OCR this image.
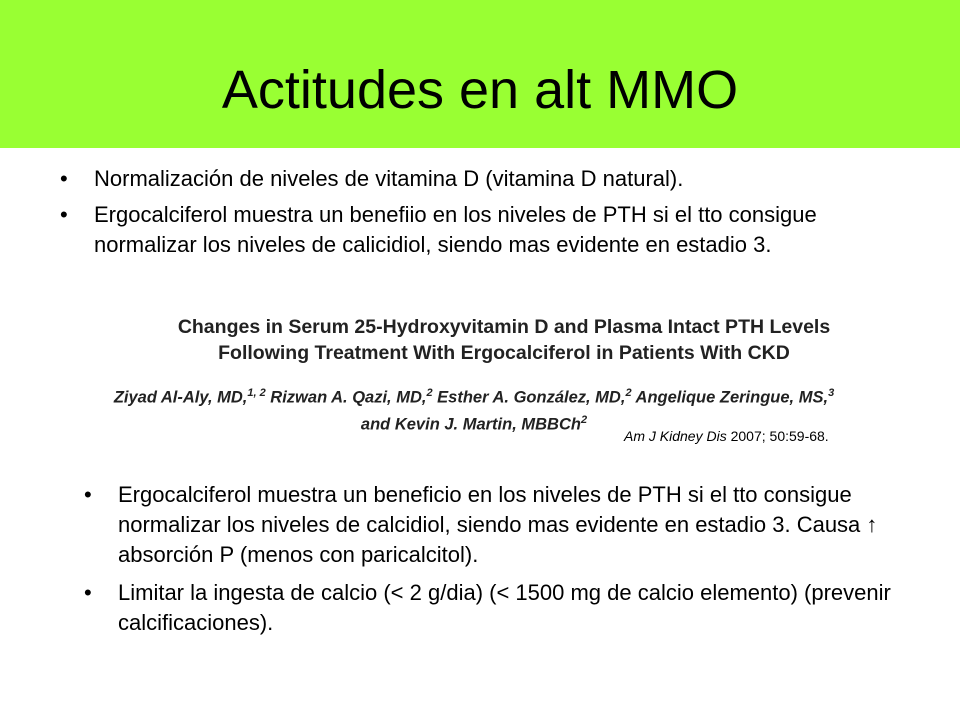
Actitudes en alt MMO
• Normalización de niveles de vitamina D (vitamina D natural).
• Ergocalciferol muestra un benefiio en los niveles de PTH si el tto consigue normalizar los niveles de calicidiol, siendo mas evidente en estadio 3.

Changes in Serum 25-Hydroxyvitamin D and Plasma Intact PTH Levels
Following Treatment With Ergocalciferol in Patients With CKD

Ziyad Al-Aly, MD,$^{1, 2}$ Rizwan A. Qazi, MD,$^2$ Esther A. González, MD,$^2$ Angelique Zeringue, MS,$^3$
and Kevin J. Martin, MBBCh$^2$
Am J Kidney Dis 2007; 50:59-68.
• Ergocalciferol muestra un beneficio en los niveles de PTH si el tto consigue normalizar los niveles de calcidiol, siendo mas evidente en estadio 3. Causa ↑ absorción P (menos con paricalcitol).
• Limitar la ingesta de calcio (< 2 g/dia) (< 1500 mg de calcio elemento) (prevenir calcificaciones).
